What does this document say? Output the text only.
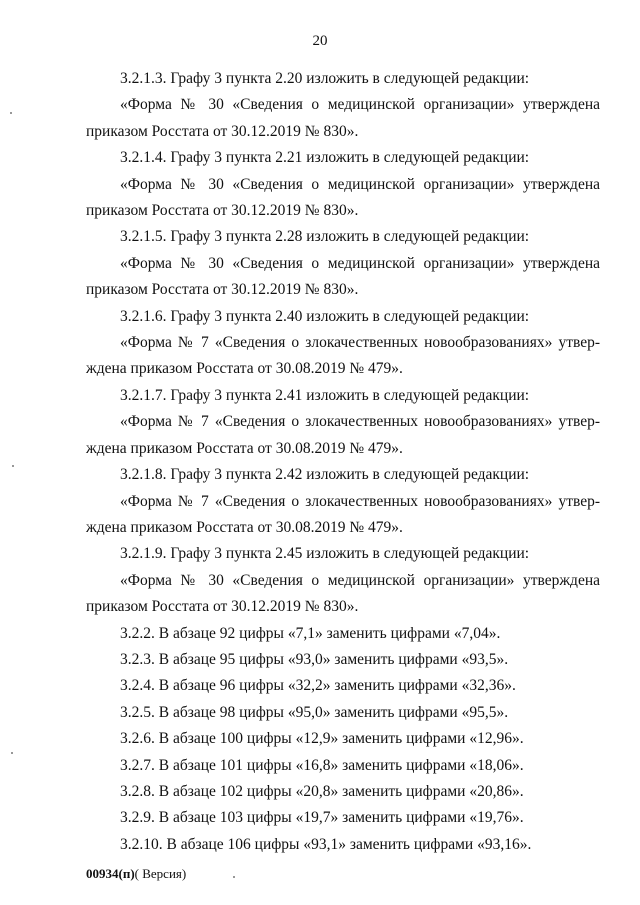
20

3.2.1.3. Графу 3 пункта 2.20 изложить в следующей редакции:

«Форма № 30 «Сведения о медицинской организации» утверждена приказом Росстата от 30.12.2019 № 830».

3.2.1.4. Графу 3 пункта 2.21 изложить в следующей редакции:

«Форма № 30 «Сведения о медицинской организации» утверждена приказом Росстата от 30.12.2019 № 830».

3.2.1.5. Графу 3 пункта 2.28 изложить в следующей редакции:

«Форма № 30 «Сведения о медицинской организации» утверждена приказом Росстата от 30.12.2019 № 830».

3.2.1.6. Графу 3 пункта 2.40 изложить в следующей редакции:

«Форма № 7 «Сведения о злокачественных новообразованиях» утверждена приказом Росстата от 30.08.2019 № 479».

3.2.1.7. Графу 3 пункта 2.41 изложить в следующей редакции:

«Форма № 7 «Сведения о злокачественных новообразованиях» утверждена приказом Росстата от 30.08.2019 № 479».

3.2.1.8. Графу 3 пункта 2.42 изложить в следующей редакции:

«Форма № 7 «Сведения о злокачественных новообразованиях» утверждена приказом Росстата от 30.08.2019 № 479».

3.2.1.9. Графу 3 пункта 2.45 изложить в следующей редакции:

«Форма № 30 «Сведения о медицинской организации» утверждена приказом Росстата от 30.12.2019 № 830».

3.2.2. В абзаце 92 цифры «7,1» заменить цифрами «7,04».

3.2.3. В абзаце 95 цифры «93,0» заменить цифрами «93,5».

3.2.4. В абзаце 96 цифры «32,2» заменить цифрами «32,36».

3.2.5. В абзаце 98 цифры «95,0» заменить цифрами «95,5».

3.2.6. В абзаце 100 цифры «12,9» заменить цифрами «12,96».

3.2.7. В абзаце 101 цифры «16,8» заменить цифрами «18,06».

3.2.8. В абзаце 102 цифры «20,8» заменить цифрами «20,86».

3.2.9. В абзаце 103 цифры «19,7» заменить цифрами «19,76».

3.2.10. В абзаце 106 цифры «93,1» заменить цифрами «93,16».

00934(п)( Версия)
